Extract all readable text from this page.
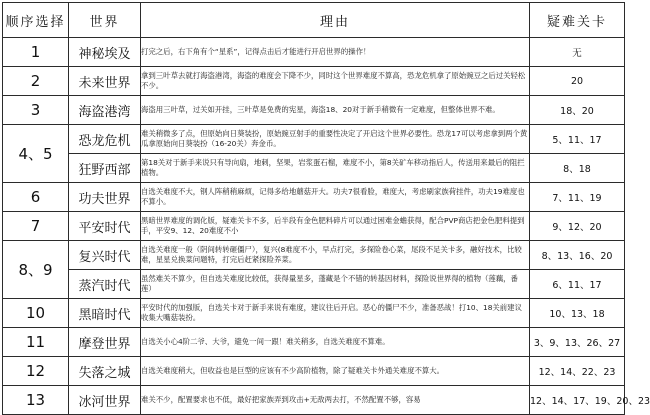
顺序选择	世界	理由	疑难关卡
1	神秘埃及	打完之后，右下角有个“星系”，记得点击后才能进行开启世界的操作！	无
2	未来世界	拿到三叶草去就打海盗港湾，海盗的难度会下降不少，同时这个世界难度不算高，恐龙危机拿了原始豌豆之后过关轻松不少。	20
3	海盗港湾	海盗用三叶草，过关如开挂，三叶草是免费的宪星，海盗18、20对于新手稍微有一定难度，但整体世界不难。	18、20
4、5	恐龙危机	难关稍微多了点，但原始向日葵装扮，原始豌豆射手的重要性决定了开启这个世界必要性。恐龙17可以考虑拿到两个黄瓜拿原始向日葵装扮（16-20关）奔金币。	5、11、17
	狂野西部	第18关对于新手来说只有导向扇，地刺，坚果，岩浆蛋石榴，难度不小，第8关矿车移动指后人，传送用来最后的阻拦植物。	8、18
6	功夫世界	自选关难度不大，钢人阵稍稍麻烦，记得多给地蘑菇开大。功夫7很看脸，难度大，考虑刷家族荷挂件，功夫19难度也不算小。	7、11、19
7	平安时代	黑暗世界难度的调化版，疑难关卡不多，后半段有金色肥料碎片可以通过困难金蟾获得，配合PVP商店把金色肥料提到手，平安9、12、20难度不小	9、12、20
8、9	复兴时代	自选关难度一般（阴间转转砸僵尸），复兴(8难度不小，早点打完，多探险卷心菜，尾段不足关卡多，融好技术，比较难，星星兑换菜问题特，打完后赶紧探险养菜。	8、13、16、20
	蒸汽时代	虽然难关不算少，但自选关难度比较低，获得量星多，蓬藏是个不错的转基因材料，探险说世界得的植物（莲藕，番莲）	6、11、17
10	黑暗时代	平安时代的加强版，自选关卡对于新手来说有难度，建议往后开启。恶心的僵尸不少，准备恶战！打10、18关前建议收集大嘴菇装扮。	10、13、18
11	摩登世界	自选关小心4阶二爷、大爷，避免一间一跟！难关稍多，自选关难度不算难。	3、9、13、26、27
12	失落之城	自选关难度稍大，但收益也是巨型的应该有不少高阶植物，除了疑难关卡外通关难度不算大。	12、14、22、23
13	冰河世界	难关不少，配置要求也不低，最好把家族弄到攻击+无敌两去打，不然配置不够，容易	12、14、17、19、20、23
